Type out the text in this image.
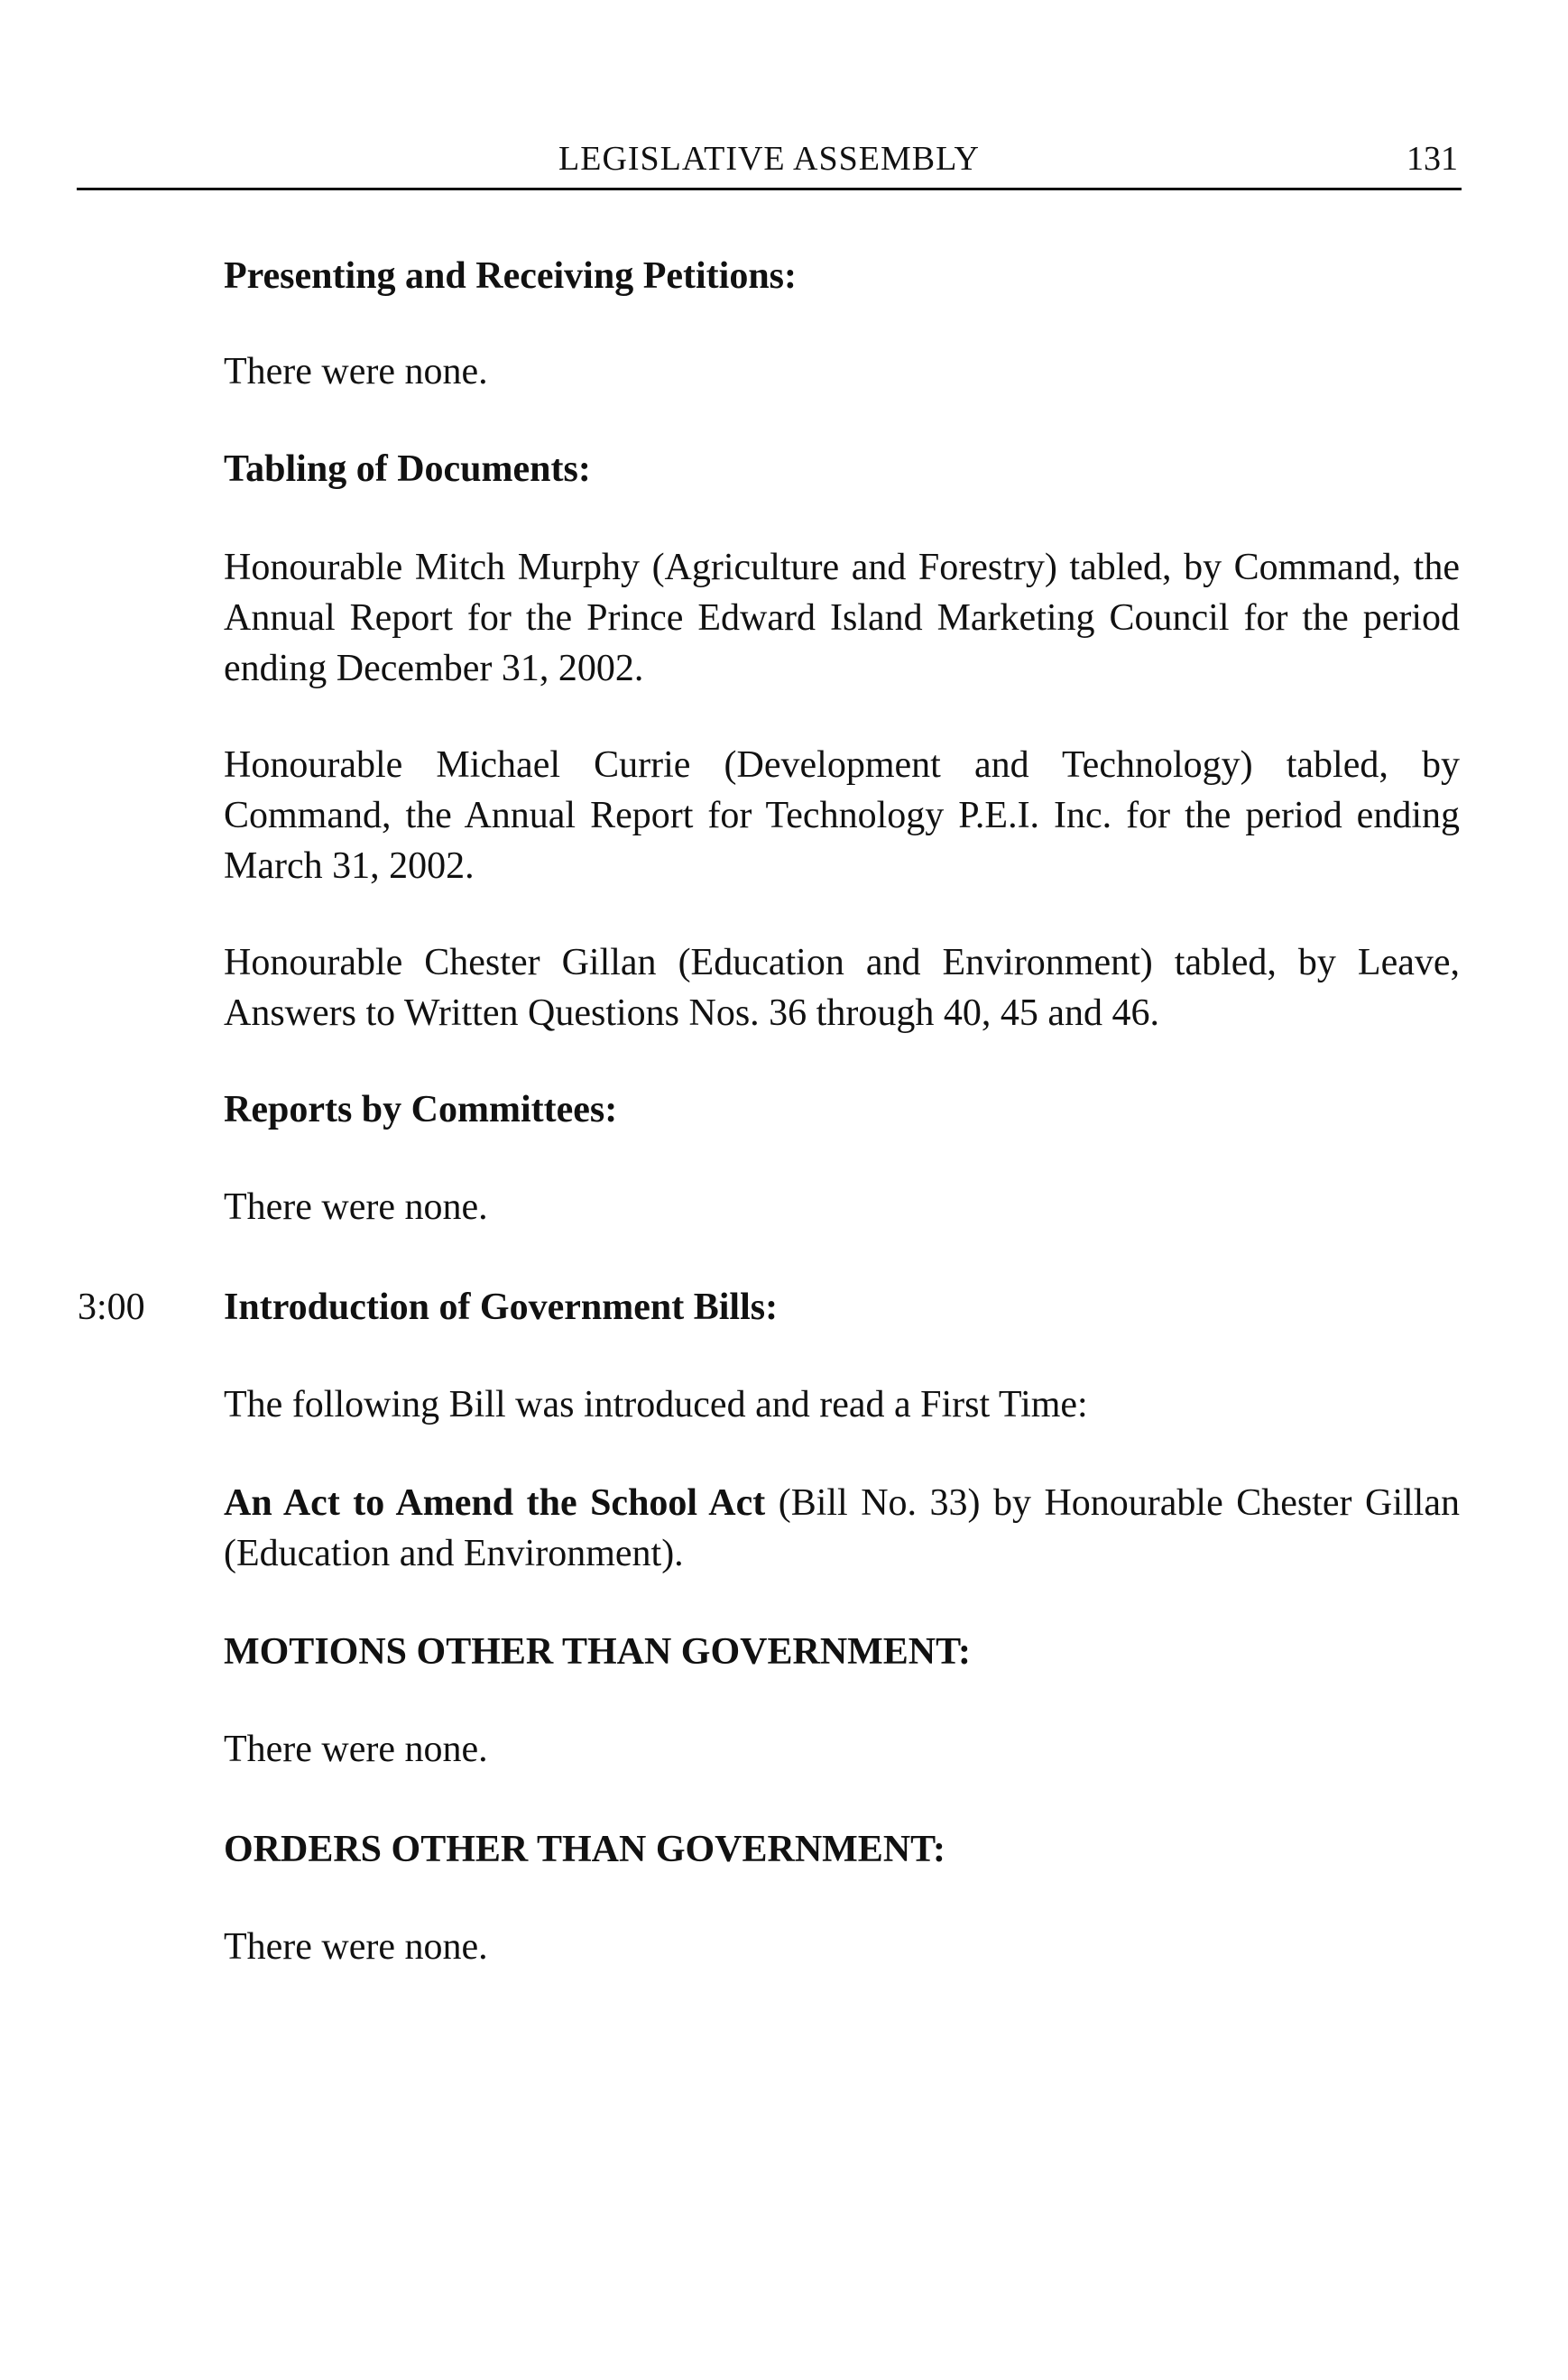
LEGISLATIVE ASSEMBLY	131
Presenting and Receiving Petitions:
There were none.
Tabling of Documents:
Honourable Mitch Murphy (Agriculture and Forestry) tabled, by Command, the Annual Report for the Prince Edward Island Marketing Council for the period ending December 31, 2002.
Honourable Michael Currie (Development and Technology) tabled, by Command, the Annual Report for Technology P.E.I. Inc. for the period ending March 31, 2002.
Honourable Chester Gillan (Education and Environment) tabled, by Leave, Answers to Written Questions Nos. 36 through 40, 45 and 46.
Reports by Committees:
There were none.
3:00 Introduction of Government Bills:
The following Bill was introduced and read a First Time:
An Act to Amend the School Act (Bill No. 33) by Honourable Chester Gillan (Education and Environment).
MOTIONS OTHER THAN GOVERNMENT:
There were none.
ORDERS OTHER THAN GOVERNMENT:
There were none.
